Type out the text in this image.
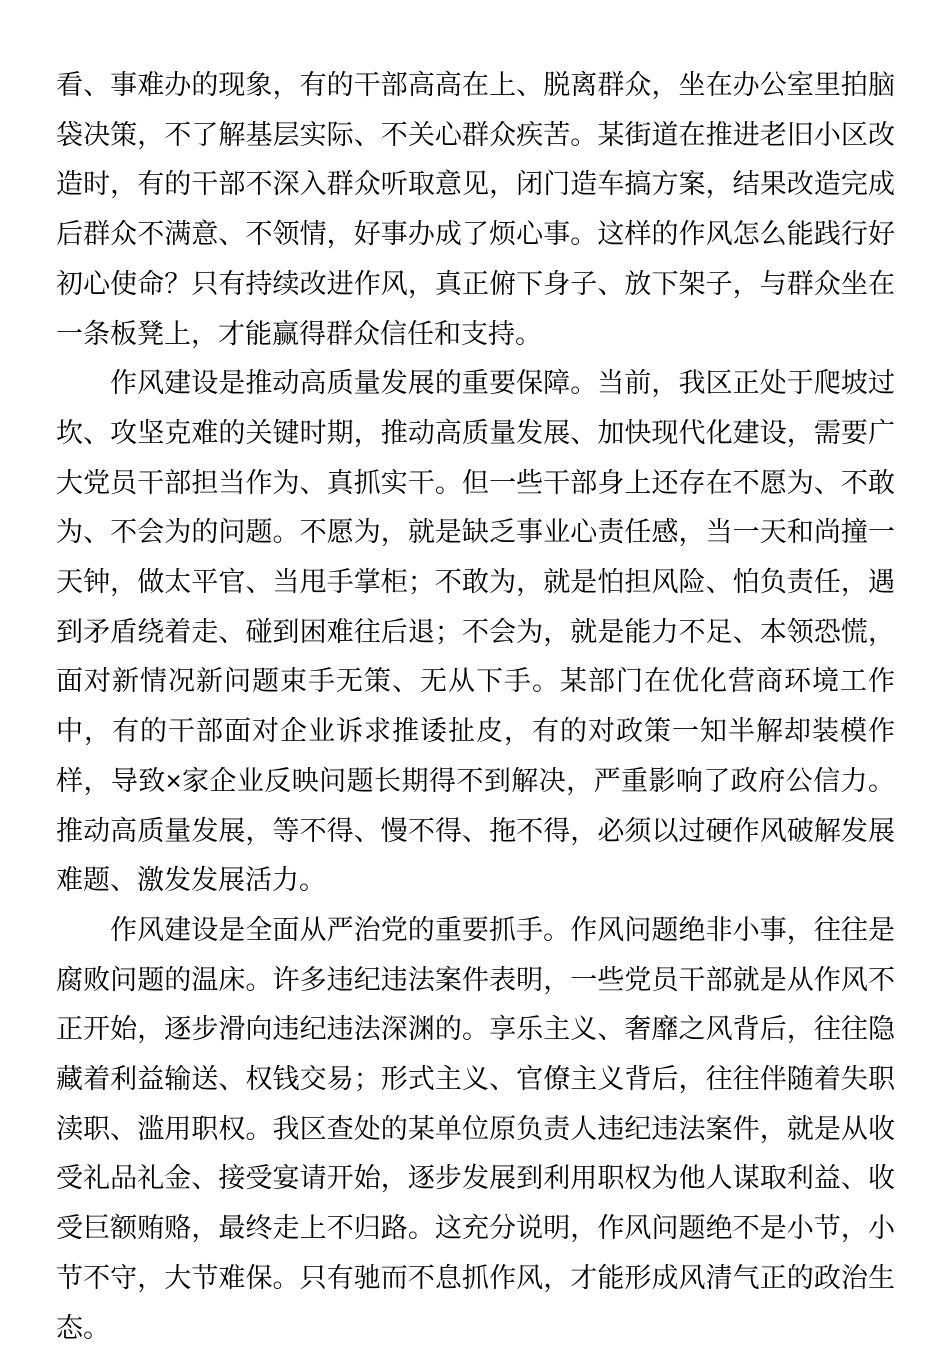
看、事难办的现象，有的干部高高在上、脱离群众，坐在办公室里拍脑袋决策，不了解基层实际、不关心群众疾苦。某街道在推进老旧小区改造时，有的干部不深入群众听取意见，闭门造车搞方案，结果改造完成后群众不满意、不领情，好事办成了烦心事。这样的作风怎么能践行好初心使命？只有持续改进作风，真正俯下身子、放下架子，与群众坐在一条板凳上，才能赢得群众信任和支持。

作风建设是推动高质量发展的重要保障。当前，我区正处于爬坡过坎、攻坚克难的关键时期，推动高质量发展、加快现代化建设，需要广大党员干部担当作为、真抓实干。但一些干部身上还存在不愿为、不敢为、不会为的问题。不愿为，就是缺乏事业心责任感，当一天和尚撞一天钟，做太平官、当甩手掌柜；不敢为，就是怕担风险、怕负责任，遇到矛盾绕着走、碰到困难往后退；不会为，就是能力不足、本领恐慌，面对新情况新问题束手无策、无从下手。某部门在优化营商环境工作中，有的干部面对企业诉求推诿扯皮，有的对政策一知半解却装模作样，导致×家企业反映问题长期得不到解决，严重影响了政府公信力。推动高质量发展，等不得、慢不得、拖不得，必须以过硬作风破解发展难题、激发发展活力。

作风建设是全面从严治党的重要抓手。作风问题绝非小事，往往是腐败问题的温床。许多违纪违法案件表明，一些党员干部就是从作风不正开始，逐步滑向违纪违法深渊的。享乐主义、奢靡之风背后，往往隐藏着利益输送、权钱交易；形式主义、官僚主义背后，往往伴随着失职渎职、滥用职权。我区查处的某单位原负责人违纪违法案件，就是从收受礼品礼金、接受宴请开始，逐步发展到利用职权为他人谋取利益、收受巨额贿赂，最终走上不归路。这充分说明，作风问题绝不是小节，小节不守，大节难保。只有驰而不息抓作风，才能形成风清气正的政治生态。
